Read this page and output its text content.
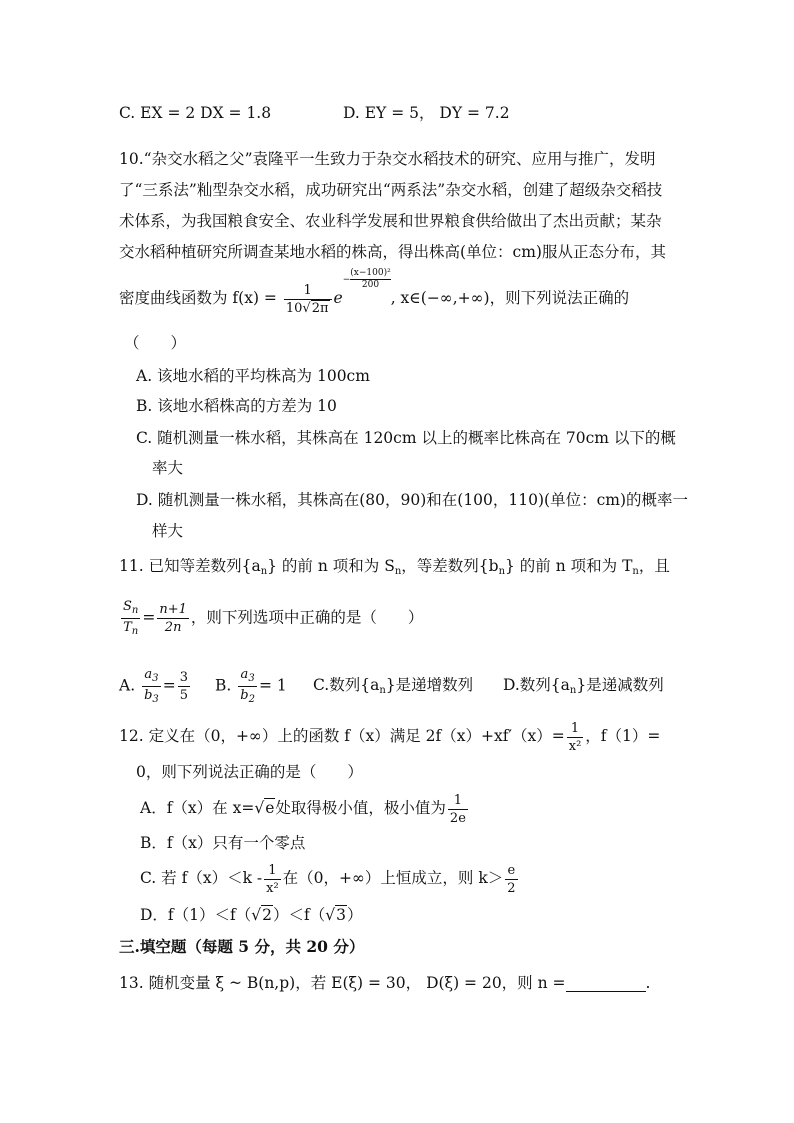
C. EX = 2 DX = 1.8	D. EY = 5， DY = 7.2
10.“杂交水稻之父”袁隆平一生致力于杂交水稻技术的研究、应用与推广，发明
了“三系法”籼型杂交水稻，成功研究出“两系法”杂交水稻，创建了超级杂交稻技
术体系，为我国粮食安全、农业科学发展和世界粮食供给做出了杰出贡献；某杂
交水稻种植研究所调查某地水稻的株高，得出株高(单位：cm)服从正态分布，其
密度曲线函数为 $f(x) = \frac{1}{10√2\pi} e- \frac{\text{(x−100)²}}{200}$
, x∈(−∞,+∞)，则下列说法正确的
（　　）
A. 该地水稻的平均株高为 100cm
B. 该地水稻株高的方差为 10
C. 随机测量一株水稻，其株高在 120cm 以上的概率比株高在 70cm 以下的概
率大
D. 随机测量一株水稻，其株高在(80，90)和在(100，110)(单位：cm)的概率一
样大
11. 已知等差数列$\{a_n\}$ 的前 n 项和为 $S_n$，等差数列$\{b_n\}$ 的前 n 项和为 $T_n$，且
$\frac{S_n}{T_n} = \frac{n+1}{2n}$ ，则下列选项中正确的是（　　）
A. $\frac{a_3}{b_3} = \frac{3}{5} B$. $\frac{a_3}{b_2} = 1$ C.数列$\{a_n\}$是递增数列 D.数列$\{a_n\}$是递减数列
12. 定义在（0，+∞）上的函数 f（x）满足 $2f(x)+xf'(x)= \frac{1}{\text{x²}}$ ，f（1）=
0，则下列说法正确的是（　　）
A．f（x）在 x=√e处取得极小值，极小值为 $\frac{1}{2e}$
B．f（x）只有一个零点
C. 若 $f(x)<k - \frac{1}{\text{x²}}$ 在（0，+∞）上恒成立，则 $k> \frac{e}{2}$
D．f（1）＜f（√2）＜f（√3）
三.填空题（每题 5 分，共 20 分）
13. 随机变量 ξ ~ B(n,p)，若 E(ξ) = 30， D(ξ) = 20，则 n =	.
